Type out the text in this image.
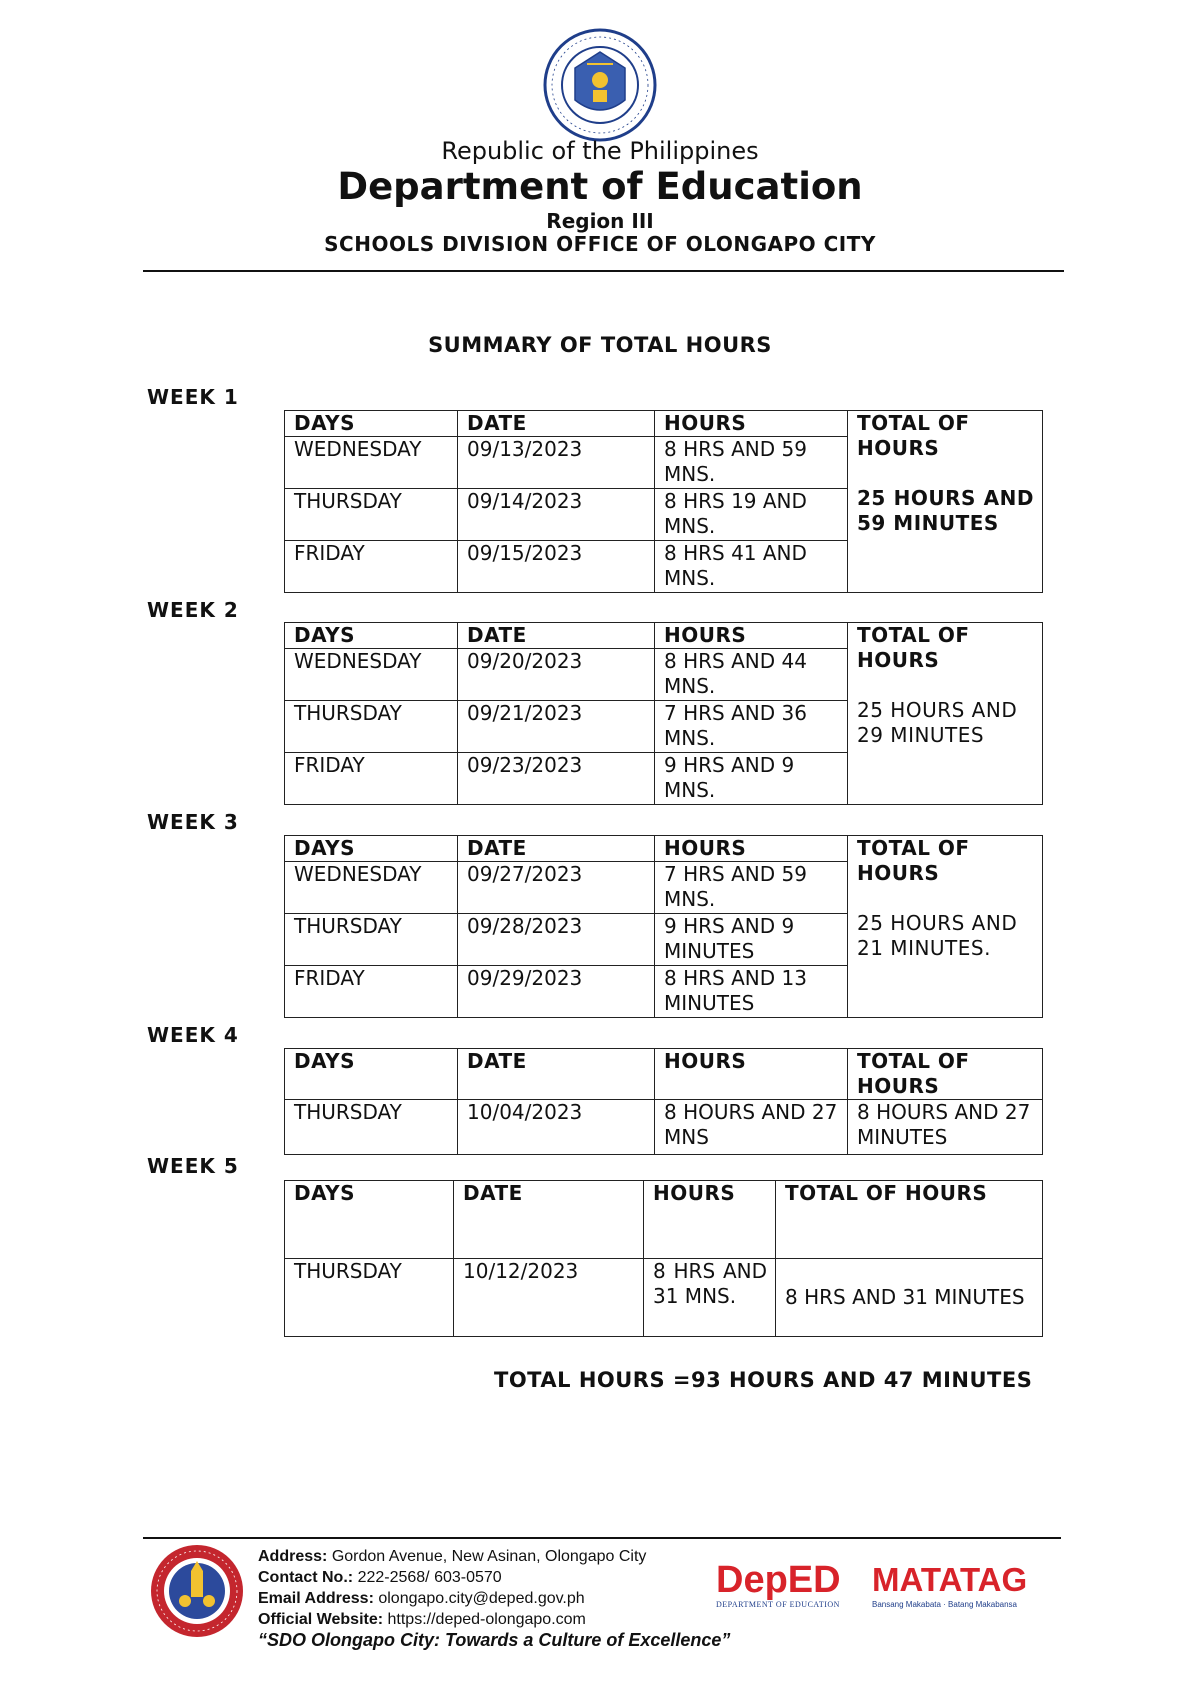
Republic of the Philippines
Department of Education
Region III
SCHOOLS DIVISION OFFICE OF OLONGAPO CITY
SUMMARY OF TOTAL HOURS
WEEK 1
DAYS	DATE	HOURS	TOTAL OF
HOURS
25 HOURS AND 59 MINUTES

WEDNESDAY	09/13/2023	8 HRS AND 59 MNS.	
THURSDAY	09/14/2023	8 HRS 19 AND MNS.	
FRIDAY	09/15/2023	8 HRS 41 AND MNS.	
WEEK 2
DAYS	DATE	HOURS	TOTAL OF
HOURS
25 HOURS AND 29 MINUTES

WEDNESDAY	09/20/2023	8 HRS AND 44 MNS.	
THURSDAY	09/21/2023	7 HRS AND 36 MNS.	
FRIDAY	09/23/2023	9 HRS AND 9 MNS.	
WEEK 3
DAYS	DATE	HOURS	TOTAL OF
HOURS
25 HOURS AND 21 MINUTES.

WEDNESDAY	09/27/2023	7 HRS AND 59 MNS.	
THURSDAY	09/28/2023	9 HRS AND 9 MINUTES	
FRIDAY	09/29/2023	8 HRS AND 13 MINUTES	
WEEK 4
DAYS	DATE	HOURS	TOTAL OF
HOURS

THURSDAY	10/04/2023	8 HOURS AND 27 MNS	8 HOURS AND 27 MINUTES
WEEK 5
DAYS	DATE	HOURS	TOTAL OF HOURS
THURSDAY	10/12/2023	8 HRS AND 31 MNS.	8 HRS AND 31 MINUTES
TOTAL HOURS =93 HOURS AND 47 MINUTES
Address: Gordon Avenue, New Asinan, Olongapo City
Contact No.: 222-2568/ 603-0570
Email Address: olongapo.city@deped.gov.ph
Official Website: https://deped-olongapo.com
“SDO Olongapo City: Towards a Culture of Excellence”
DepED
DEPARTMENT OF EDUCATION
MATATAG
Bansang Makabata · Batang Makabansa
